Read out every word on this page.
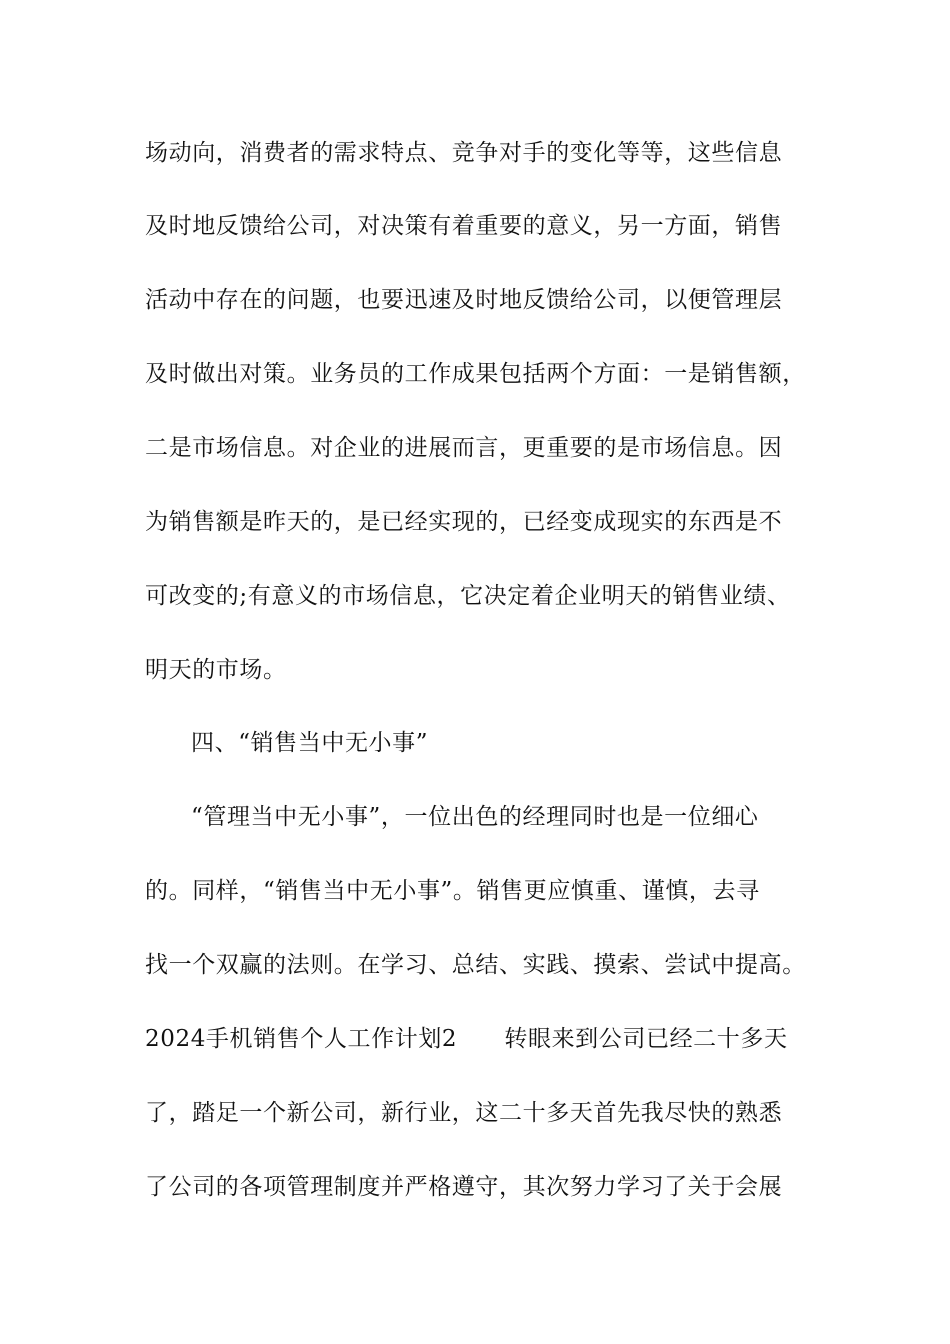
场动向，消费者的需求特点、竞争对手的变化等等，这些信息
及时地反馈给公司，对决策有着重要的意义，另一方面，销售
活动中存在的问题，也要迅速及时地反馈给公司，以便管理层
及时做出对策。业务员的工作成果包括两个方面：一是销售额，
二是市场信息。对企业的进展而言，更重要的是市场信息。因
为销售额是昨天的，是已经实现的，已经变成现实的东西是不
可改变的;有意义的市场信息，它决定着企业明天的销售业绩、
明天的市场。
四、“销售当中无小事”
“管理当中无小事”，一位出色的经理同时也是一位细心
的。同样，“销售当中无小事”。销售更应慎重、谨慎，去寻
找一个双赢的法则。在学习、总结、实践、摸索、尝试中提高。
2024手机销售个人工作计划2　　转眼来到公司已经二十多天
了，踏足一个新公司，新行业，这二十多天首先我尽快的熟悉
了公司的各项管理制度并严格遵守，其次努力学习了关于会展
